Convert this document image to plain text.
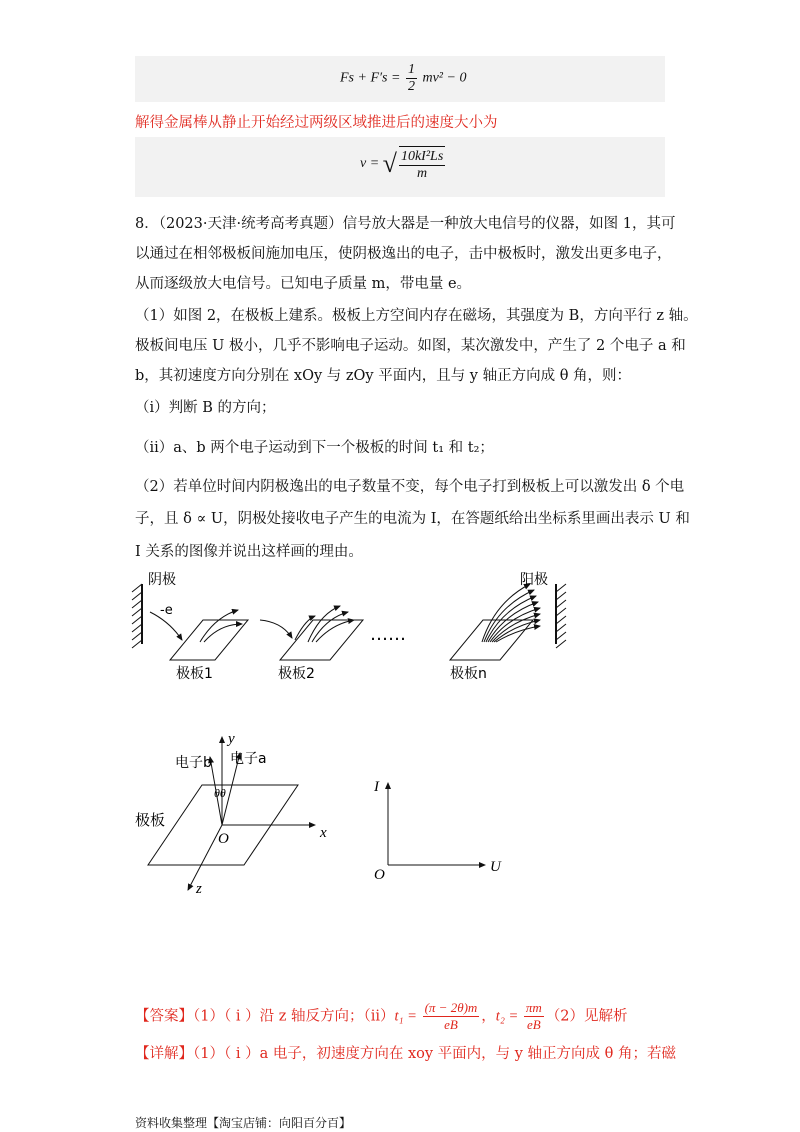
$Fs + F's = \frac{1}{2} mv^2 - 0$
解得金属棒从静止开始经过两级区域推进后的速度大小为
v = √ $\frac{\text{10kI²Ls}}{m}$
8．（2023·天津·统考高考真题）信号放大器是一种放大电信号的仪器，如图 1，其可
以通过在相邻极板间施加电压，使阴极逸出的电子，击中极板时，激发出更多电子，
从而逐级放大电信号。已知电子质量 m，带电量 e。
（1）如图 2，在极板上建系。极板上方空间内存在磁场，其强度为 B，方向平行 z 轴。
极板间电压 U 极小，几乎不影响电子运动。如图，某次激发中，产生了 2 个电子 a 和
b，其初速度方向分别在 xOy 与 zOy 平面内，且与 y 轴正方向成 θ 角，则：
（i）判断 B 的方向；
（ii）a、b 两个电子运动到下一个极板的时间 t₁ 和 t₂；
（2）若单位时间内阴极逸出的电子数量不变，每个电子打到极板上可以激发出 δ 个电
子，且 δ ∝ U，阴极处接收电子产生的电流为 I，在答题纸给出坐标系里画出表示 U 和
I 关系的图像并说出这样画的理由。
阴极
-e
极板1	极板2
……
极板n
阳极
极板
y
x
z
O
电子a
电子b
θθ	I
U
O
【答案】（1）（ i ）沿 z 轴反方向；$(ii)t_1 = \frac{(\pi - 2\theta)m}{eB}$ ，$t_2 = \frac{\pi m}{eB} (2)$见解析
【详解】（1）（ i ）a 电子，初速度方向在 xoy 平面内，与 y 轴正方向成 θ 角；若磁
资料收集整理【淘宝店铺：向阳百分百】
